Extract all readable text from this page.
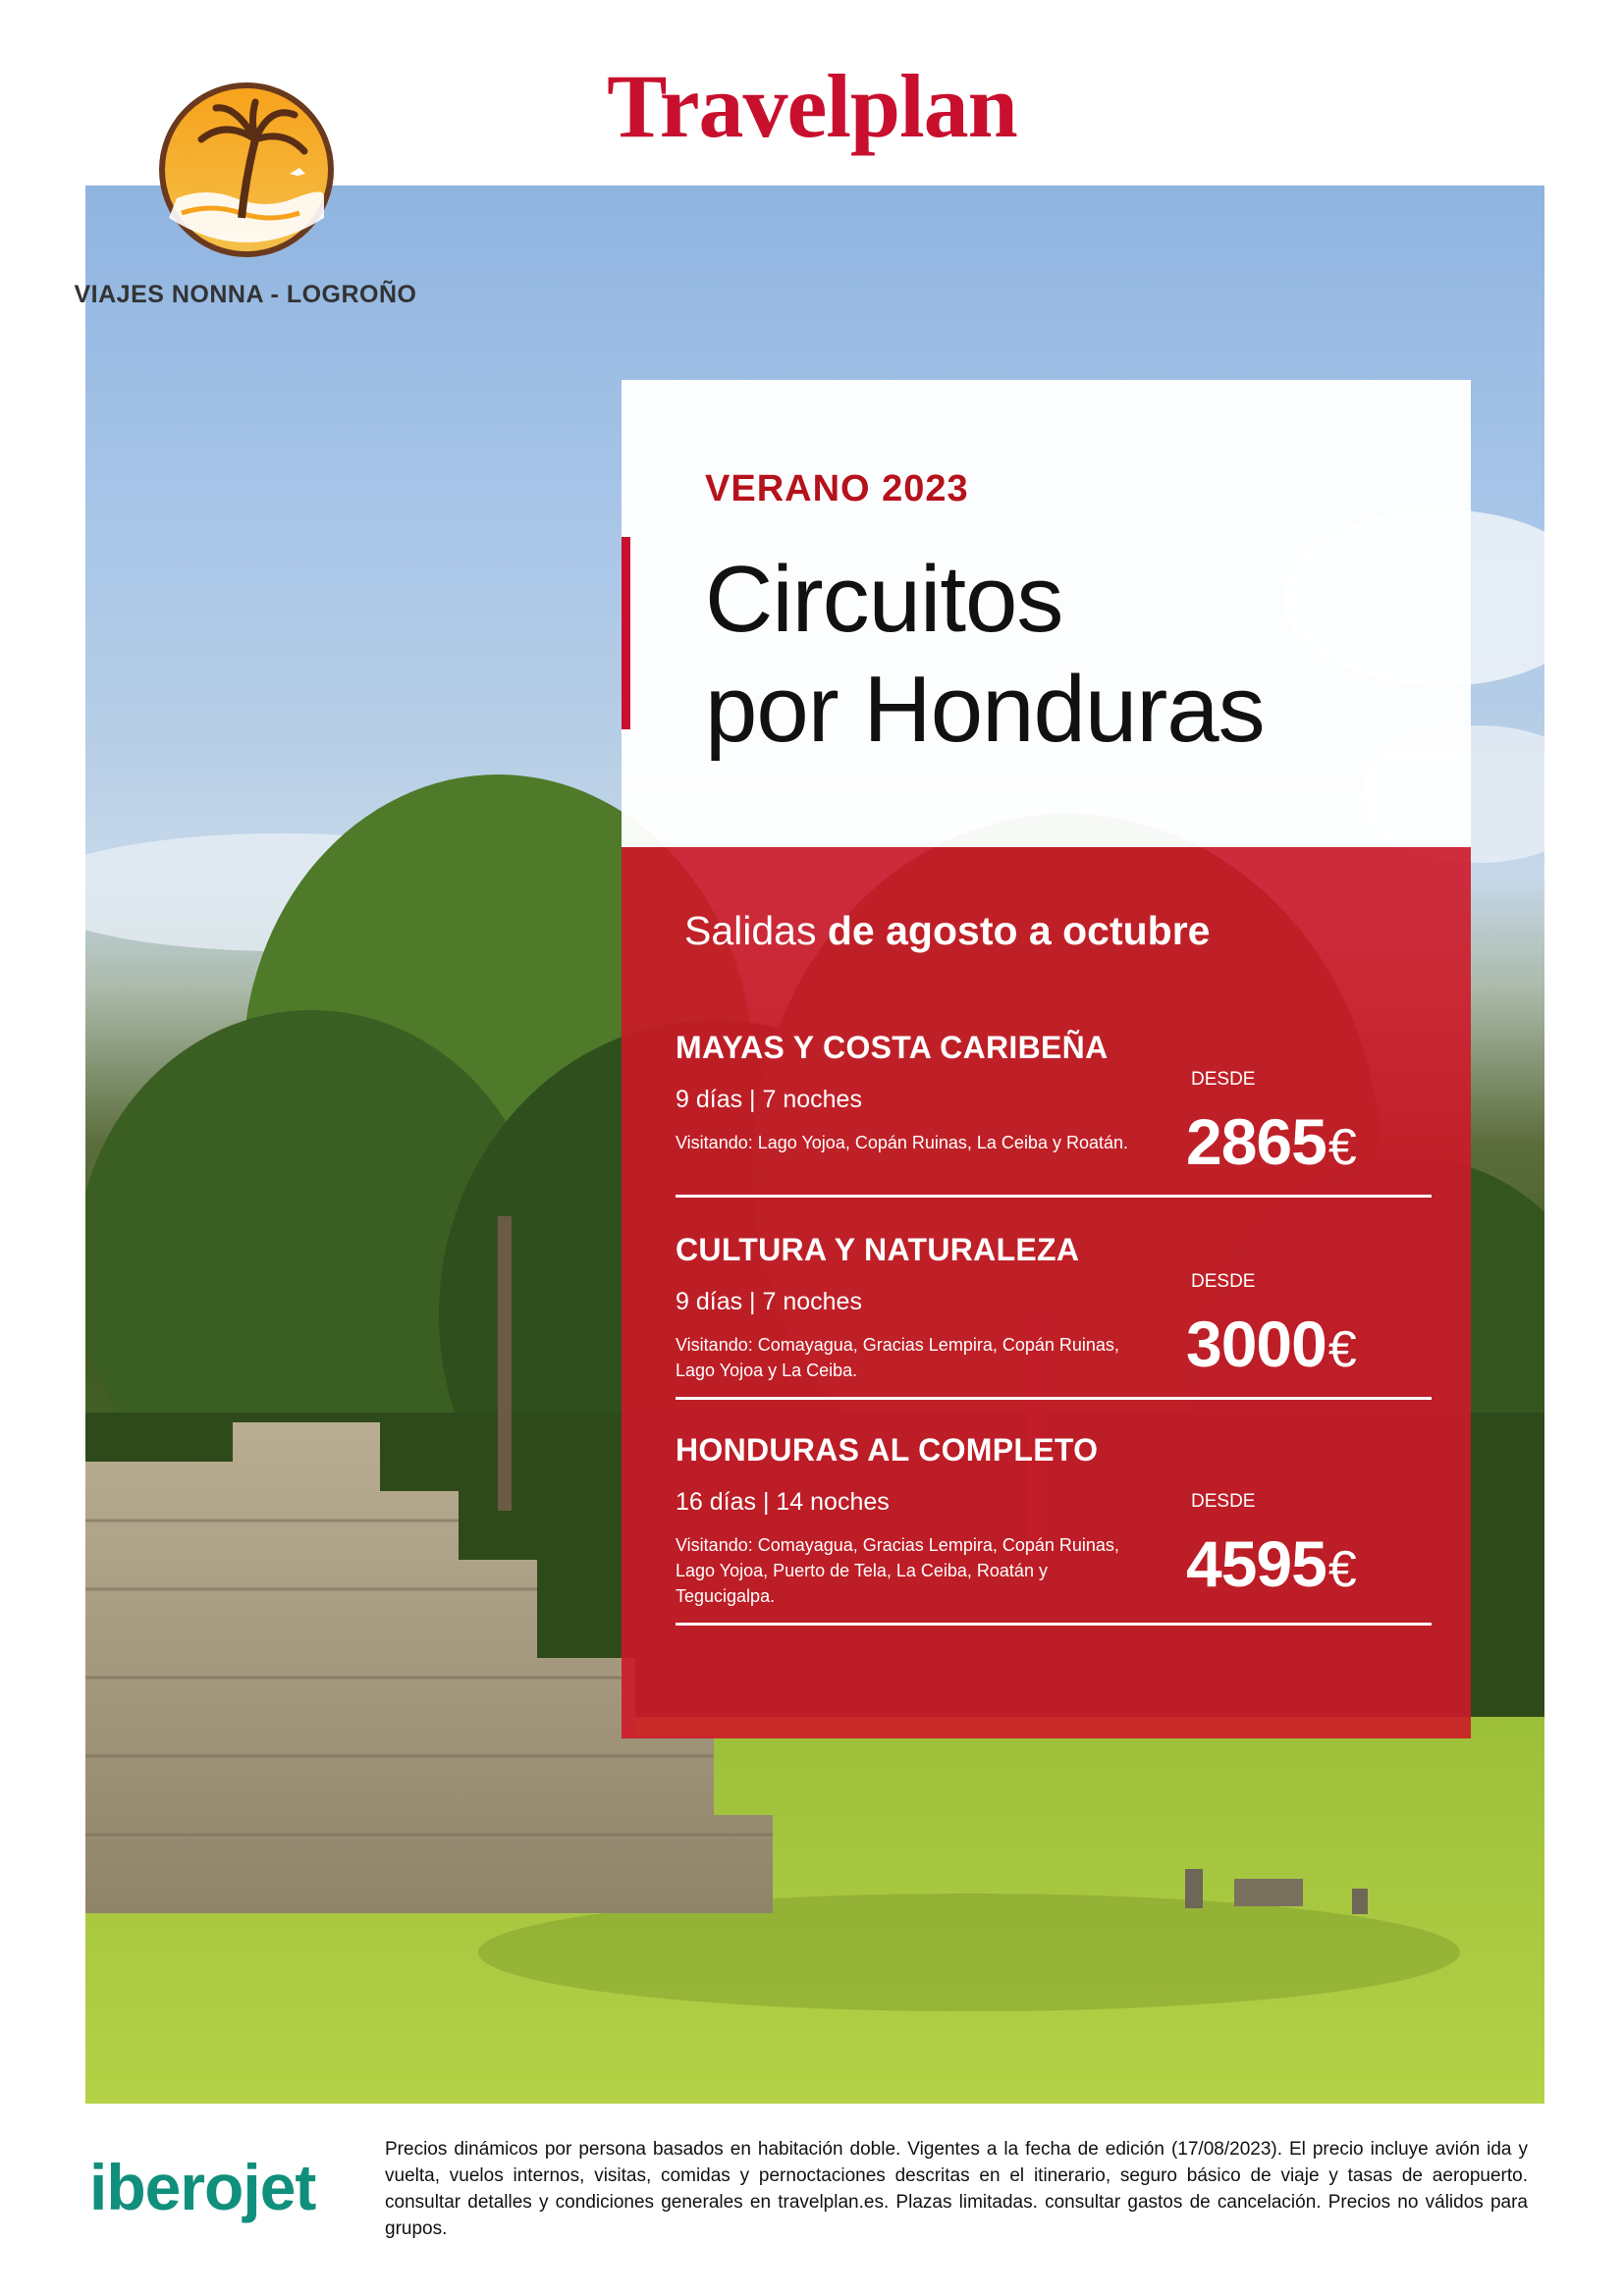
Travelplan
VIAJES NONNA - LOGROÑO
VERANO 2023
Circuitos
por Honduras
Salidas de agosto a octubre
MAYAS Y COSTA CARIBEÑA
9 días | 7 noches
Visitando: Lago Yojoa, Copán Ruinas, La Ceiba y Roatán.
DESDE
2865€
CULTURA Y NATURALEZA
9 días | 7 noches
Visitando: Comayagua, Gracias Lempira, Copán Ruinas, Lago Yojoa y La Ceiba.
DESDE
3000€
HONDURAS AL COMPLETO
16 días | 14 noches
Visitando: Comayagua, Gracias Lempira, Copán Ruinas, Lago Yojoa, Puerto de Tela, La Ceiba, Roatán y Tegucigalpa.
DESDE
4595€
iberojet
Precios dinámicos por persona basados en habitación doble. Vigentes a la fecha de edición (17/08/2023). El precio incluye avión ida y vuelta, vuelos internos, visitas, comidas y pernoctaciones descritas en el itinerario, seguro básico de viaje y tasas de aeropuerto. consultar detalles y condiciones generales en travelplan.es. Plazas limitadas. consultar gastos de cancelación. Precios no válidos para grupos.
